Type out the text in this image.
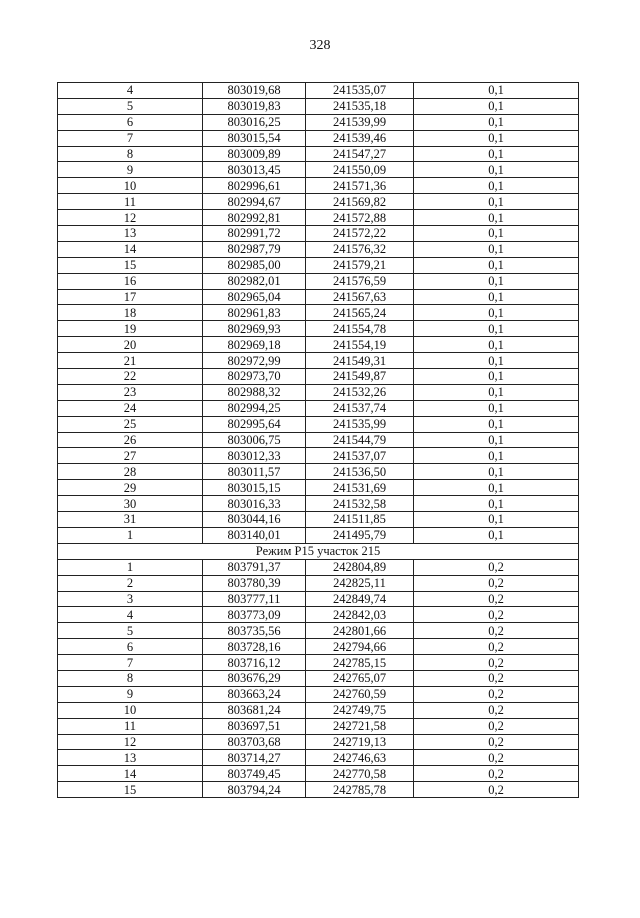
328
4	803019,68	241535,07	0,1
5	803019,83	241535,18	0,1
6	803016,25	241539,99	0,1
7	803015,54	241539,46	0,1
8	803009,89	241547,27	0,1
9	803013,45	241550,09	0,1
10	802996,61	241571,36	0,1
11	802994,67	241569,82	0,1
12	802992,81	241572,88	0,1
13	802991,72	241572,22	0,1
14	802987,79	241576,32	0,1
15	802985,00	241579,21	0,1
16	802982,01	241576,59	0,1
17	802965,04	241567,63	0,1
18	802961,83	241565,24	0,1
19	802969,93	241554,78	0,1
20	802969,18	241554,19	0,1
21	802972,99	241549,31	0,1
22	802973,70	241549,87	0,1
23	802988,32	241532,26	0,1
24	802994,25	241537,74	0,1
25	802995,64	241535,99	0,1
26	803006,75	241544,79	0,1
27	803012,33	241537,07	0,1
28	803011,57	241536,50	0,1
29	803015,15	241531,69	0,1
30	803016,33	241532,58	0,1
31	803044,16	241511,85	0,1
1	803140,01	241495,79	0,1
Режим Р15 участок 215			
1	803791,37	242804,89	0,2
2	803780,39	242825,11	0,2
3	803777,11	242849,74	0,2
4	803773,09	242842,03	0,2
5	803735,56	242801,66	0,2
6	803728,16	242794,66	0,2
7	803716,12	242785,15	0,2
8	803676,29	242765,07	0,2
9	803663,24	242760,59	0,2
10	803681,24	242749,75	0,2
11	803697,51	242721,58	0,2
12	803703,68	242719,13	0,2
13	803714,27	242746,63	0,2
14	803749,45	242770,58	0,2
15	803794,24	242785,78	0,2
